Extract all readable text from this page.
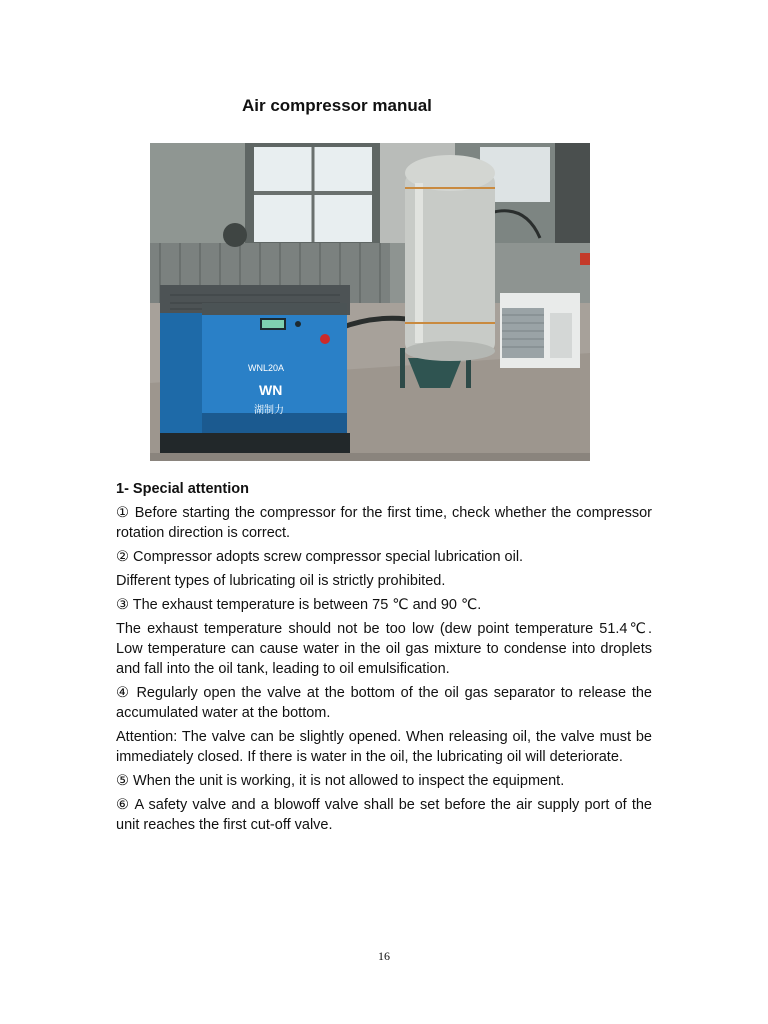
Air compressor manual
WNL20A
WN
湖制力

1- Special attention

① Before starting the compressor for the first time, check whether the compressor rotation direction is correct.

② Compressor adopts screw compressor special lubrication oil.

Different types of lubricating oil is strictly prohibited.

③ The exhaust temperature is between 75 ℃ and 90 ℃.

The exhaust temperature should not be too low (dew point temperature 51.4℃. Low temperature can cause water in the oil gas mixture to condense into droplets and fall into the oil tank, leading to oil emulsification.

④ Regularly open the valve at the bottom of the oil gas separator to release the accumulated water at the bottom.

Attention: The valve can be slightly opened. When releasing oil, the valve must be immediately closed. If there is water in the oil, the lubricating oil will deteriorate.

⑤ When the unit is working, it is not allowed to inspect the equipment.

⑥ A safety valve and a blowoff valve shall be set before the air supply port of the unit reaches the first cut-off valve.

16
